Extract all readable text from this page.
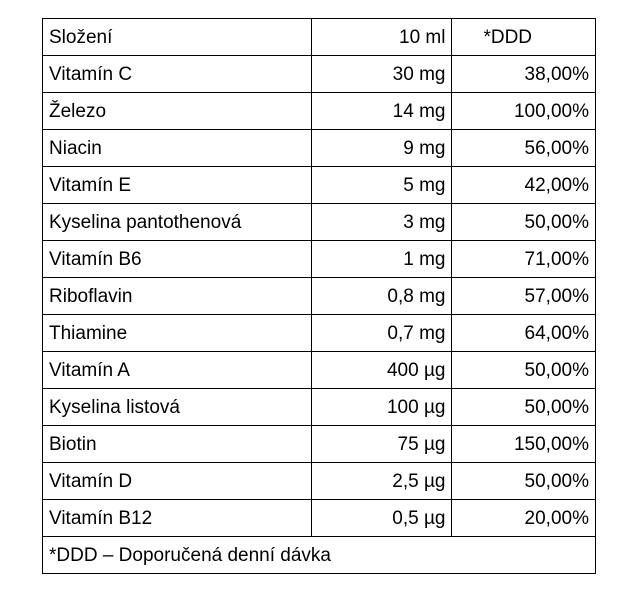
Složení	10 ml	*DDD
Vitamín C	30 mg	38,00%
Železo	14 mg	100,00%
Niacin	9 mg	56,00%
Vitamín E	5 mg	42,00%
Kyselina pantothenová	3 mg	50,00%
Vitamín B6	1 mg	71,00%
Riboflavin	0,8 mg	57,00%
Thiamine	0,7 mg	64,00%
Vitamín A	400 µg	50,00%
Kyselina listová	100 µg	50,00%
Biotin	75 µg	150,00%
Vitamín D	2,5 µg	50,00%
Vitamín B12	0,5 µg	20,00%
*DDD – Doporučená denní dávka		
